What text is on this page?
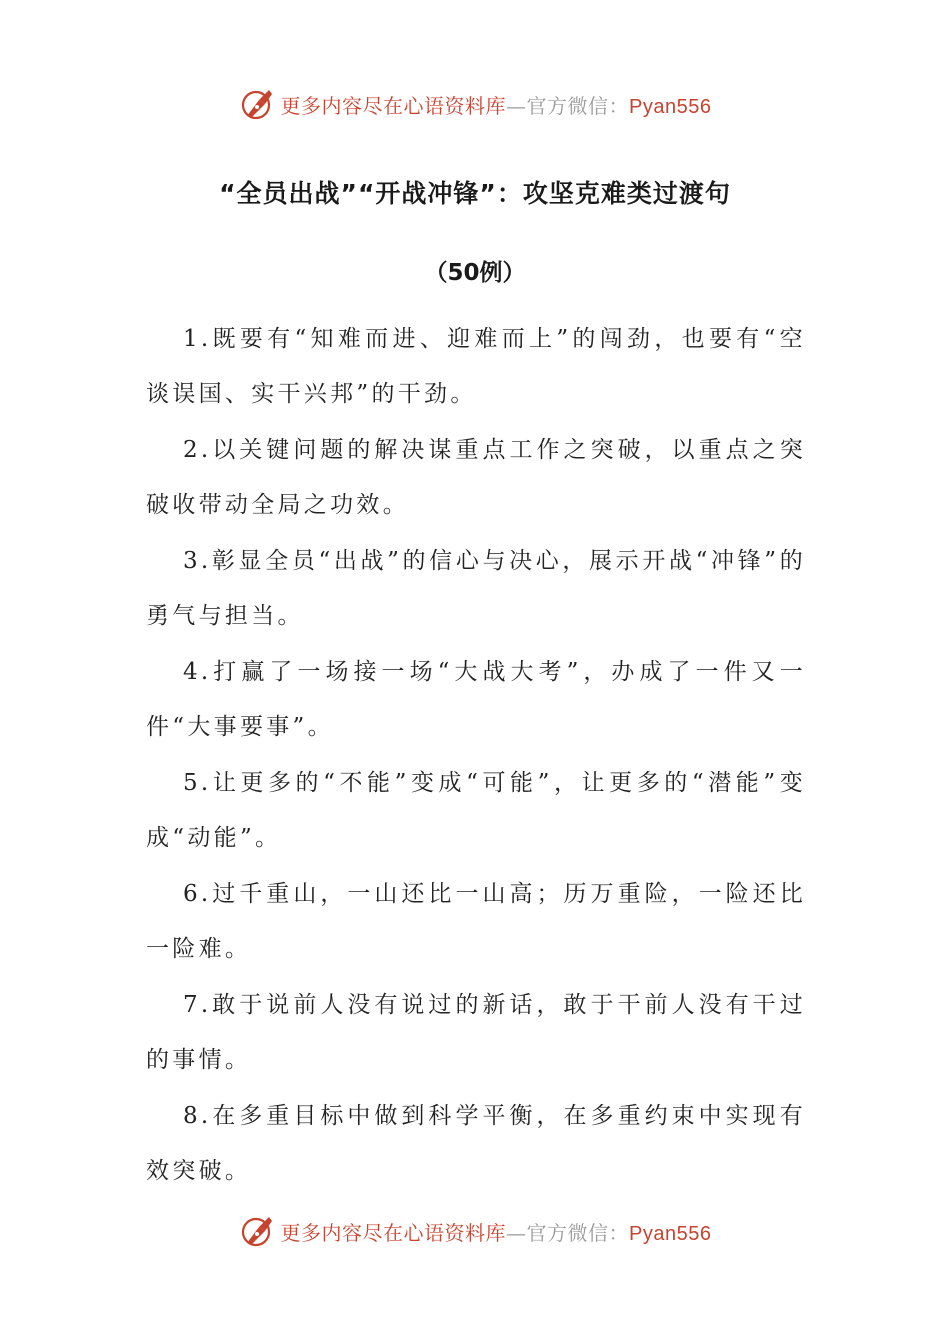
更多内容尽在心语资料库—官方微信：Pyan556
“全员出战”“开战冲锋”：攻坚克难类过渡句

（50例）

1.既要有“知难而进、迎难而上”的闯劲，也要有“空谈误国、实干兴邦”的干劲。

2.以关键问题的解决谋重点工作之突破，以重点之突破收带动全局之功效。

3.彰显全员“出战”的信心与决心，展示开战“冲锋”的勇气与担当。

4.打赢了一场接一场“大战大考”，办成了一件又一件“大事要事”。

5.让更多的“不能”变成“可能”，让更多的“潜能”变成“动能”。

6.过千重山，一山还比一山高；历万重险，一险还比一险难。

7.敢于说前人没有说过的新话，敢于干前人没有干过的事情。

8.在多重目标中做到科学平衡，在多重约束中实现有效突破。

更多内容尽在心语资料库—官方微信：Pyan556
